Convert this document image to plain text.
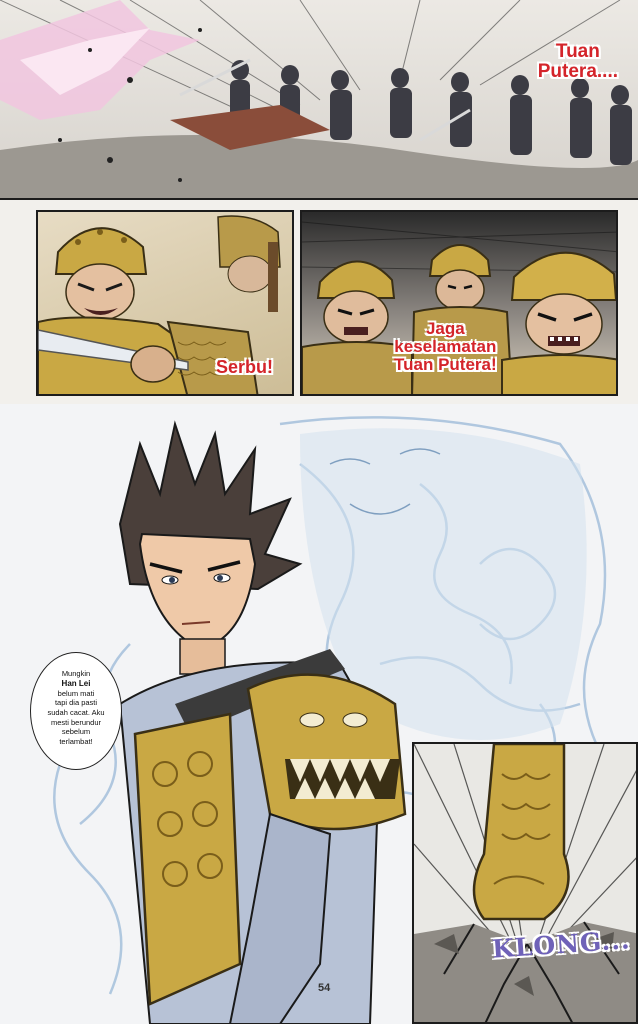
Tuan
Putera....
Serbu!
Jaga
keselamatan
Tuan Putera!
Mungkin
Han Lei
belum mati
tapi dia pasti
sudah cacat. Aku
mesti berundur
sebelum
terlambat!
KLONG...
54
